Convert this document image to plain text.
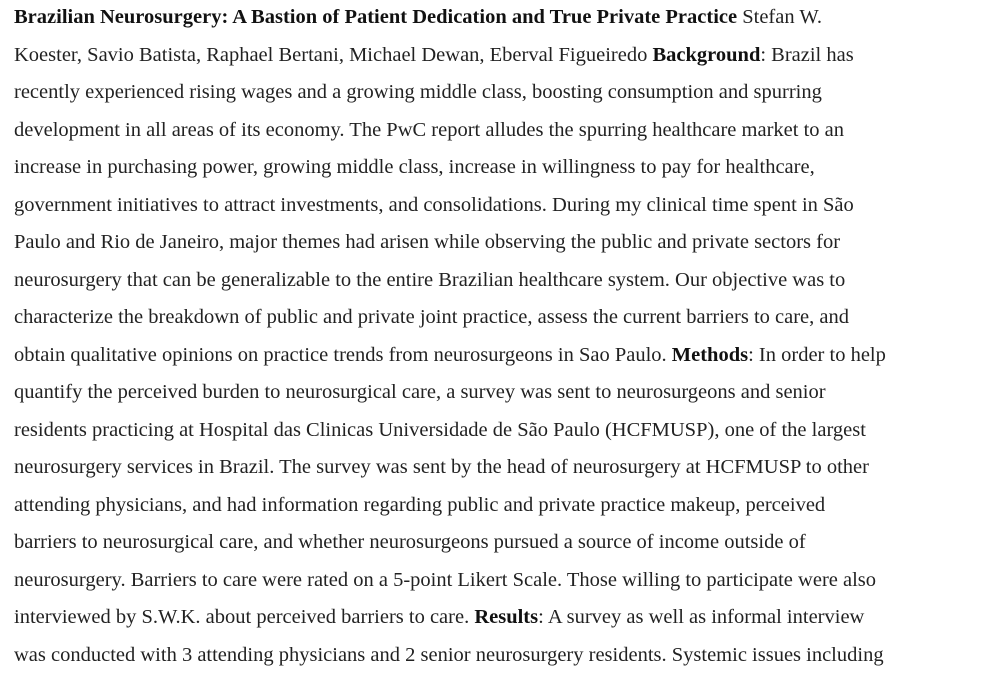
Brazilian Neurosurgery: A Bastion of Patient Dedication and True Private Practice Stefan W.
Koester, Savio Batista, Raphael Bertani, Michael Dewan, Eberval Figueiredo Background: Brazil has
recently experienced rising wages and a growing middle class, boosting consumption and spurring
development in all areas of its economy. The PwC report alludes the spurring healthcare market to an
increase in purchasing power, growing middle class, increase in willingness to pay for healthcare,
government initiatives to attract investments, and consolidations. During my clinical time spent in São
Paulo and Rio de Janeiro, major themes had arisen while observing the public and private sectors for
neurosurgery that can be generalizable to the entire Brazilian healthcare system. Our objective was to
characterize the breakdown of public and private joint practice, assess the current barriers to care, and
obtain qualitative opinions on practice trends from neurosurgeons in Sao Paulo. Methods: In order to help
quantify the perceived burden to neurosurgical care, a survey was sent to neurosurgeons and senior
residents practicing at Hospital das Clinicas Universidade de São Paulo (HCFMUSP), one of the largest
neurosurgery services in Brazil. The survey was sent by the head of neurosurgery at HCFMUSP to other
attending physicians, and had information regarding public and private practice makeup, perceived
barriers to neurosurgical care, and whether neurosurgeons pursued a source of income outside of
neurosurgery. Barriers to care were rated on a 5-point Likert Scale. Those willing to participate were also
interviewed by S.W.K. about perceived barriers to care. Results: A survey as well as informal interview
was conducted with 3 attending physicians and 2 senior neurosurgery residents. Systemic issues including
